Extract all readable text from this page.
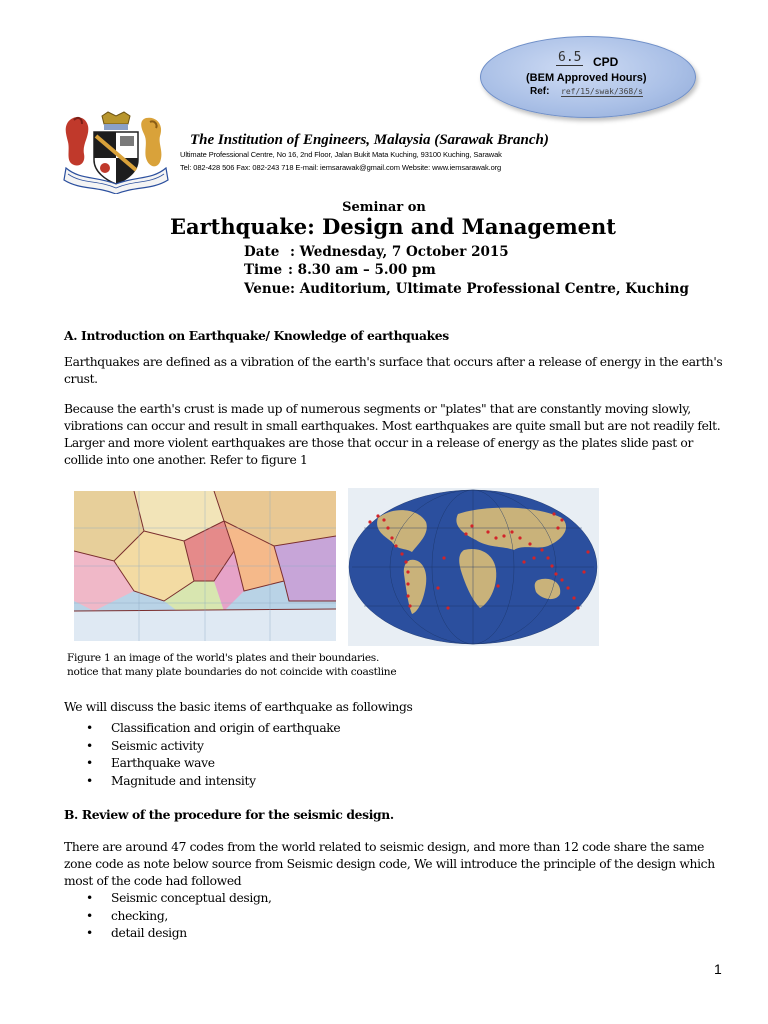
6.5 CPD
(BEM Approved Hours)
Ref: ref/15/swak/368/s
The Institution of Engineers, Malaysia (Sarawak Branch)
Ultimate Professional Centre, No 16, 2nd Floor, Jalan Bukit Mata Kuching, 93100 Kuching, Sarawak
Tel: 082-428 506 Fax: 082-243 718 E-mail: iemsarawak@gmail.com Website: www.iemsarawak.org
Seminar on
Earthquake: Design and Management
Date : Wednesday, 7 October 2015
Time : 8.30 am – 5.00 pm
Venue: Auditorium, Ultimate Professional Centre, Kuching
A. Introduction on Earthquake/ Knowledge of earthquakes
Earthquakes are defined as a vibration of the earth's surface that occurs after a release of energy in the earth's crust.
Because the earth's crust is made up of numerous segments or "plates" that are constantly moving slowly, vibrations can occur and result in small earthquakes. Most earthquakes are quite small but are not readily felt. Larger and more violent earthquakes are those that occur in a release of energy as the plates slide past or collide into one another. Refer to figure 1
Figure 1 an image of the world's plates and their boundaries.
notice that many plate boundaries do not coincide with coastline
We will discuss the basic items of earthquake as followings
• Classification and origin of earthquake
• Seismic activity
• Earthquake wave
• Magnitude and intensity
B. Review of the procedure for the seismic design.
There are around 47 codes from the world related to seismic design, and more than 12 code share the same zone code as note below source from Seismic design code, We will introduce the principle of the design which most of the code had followed
• Seismic conceptual design,
• checking,
• detail design
1
